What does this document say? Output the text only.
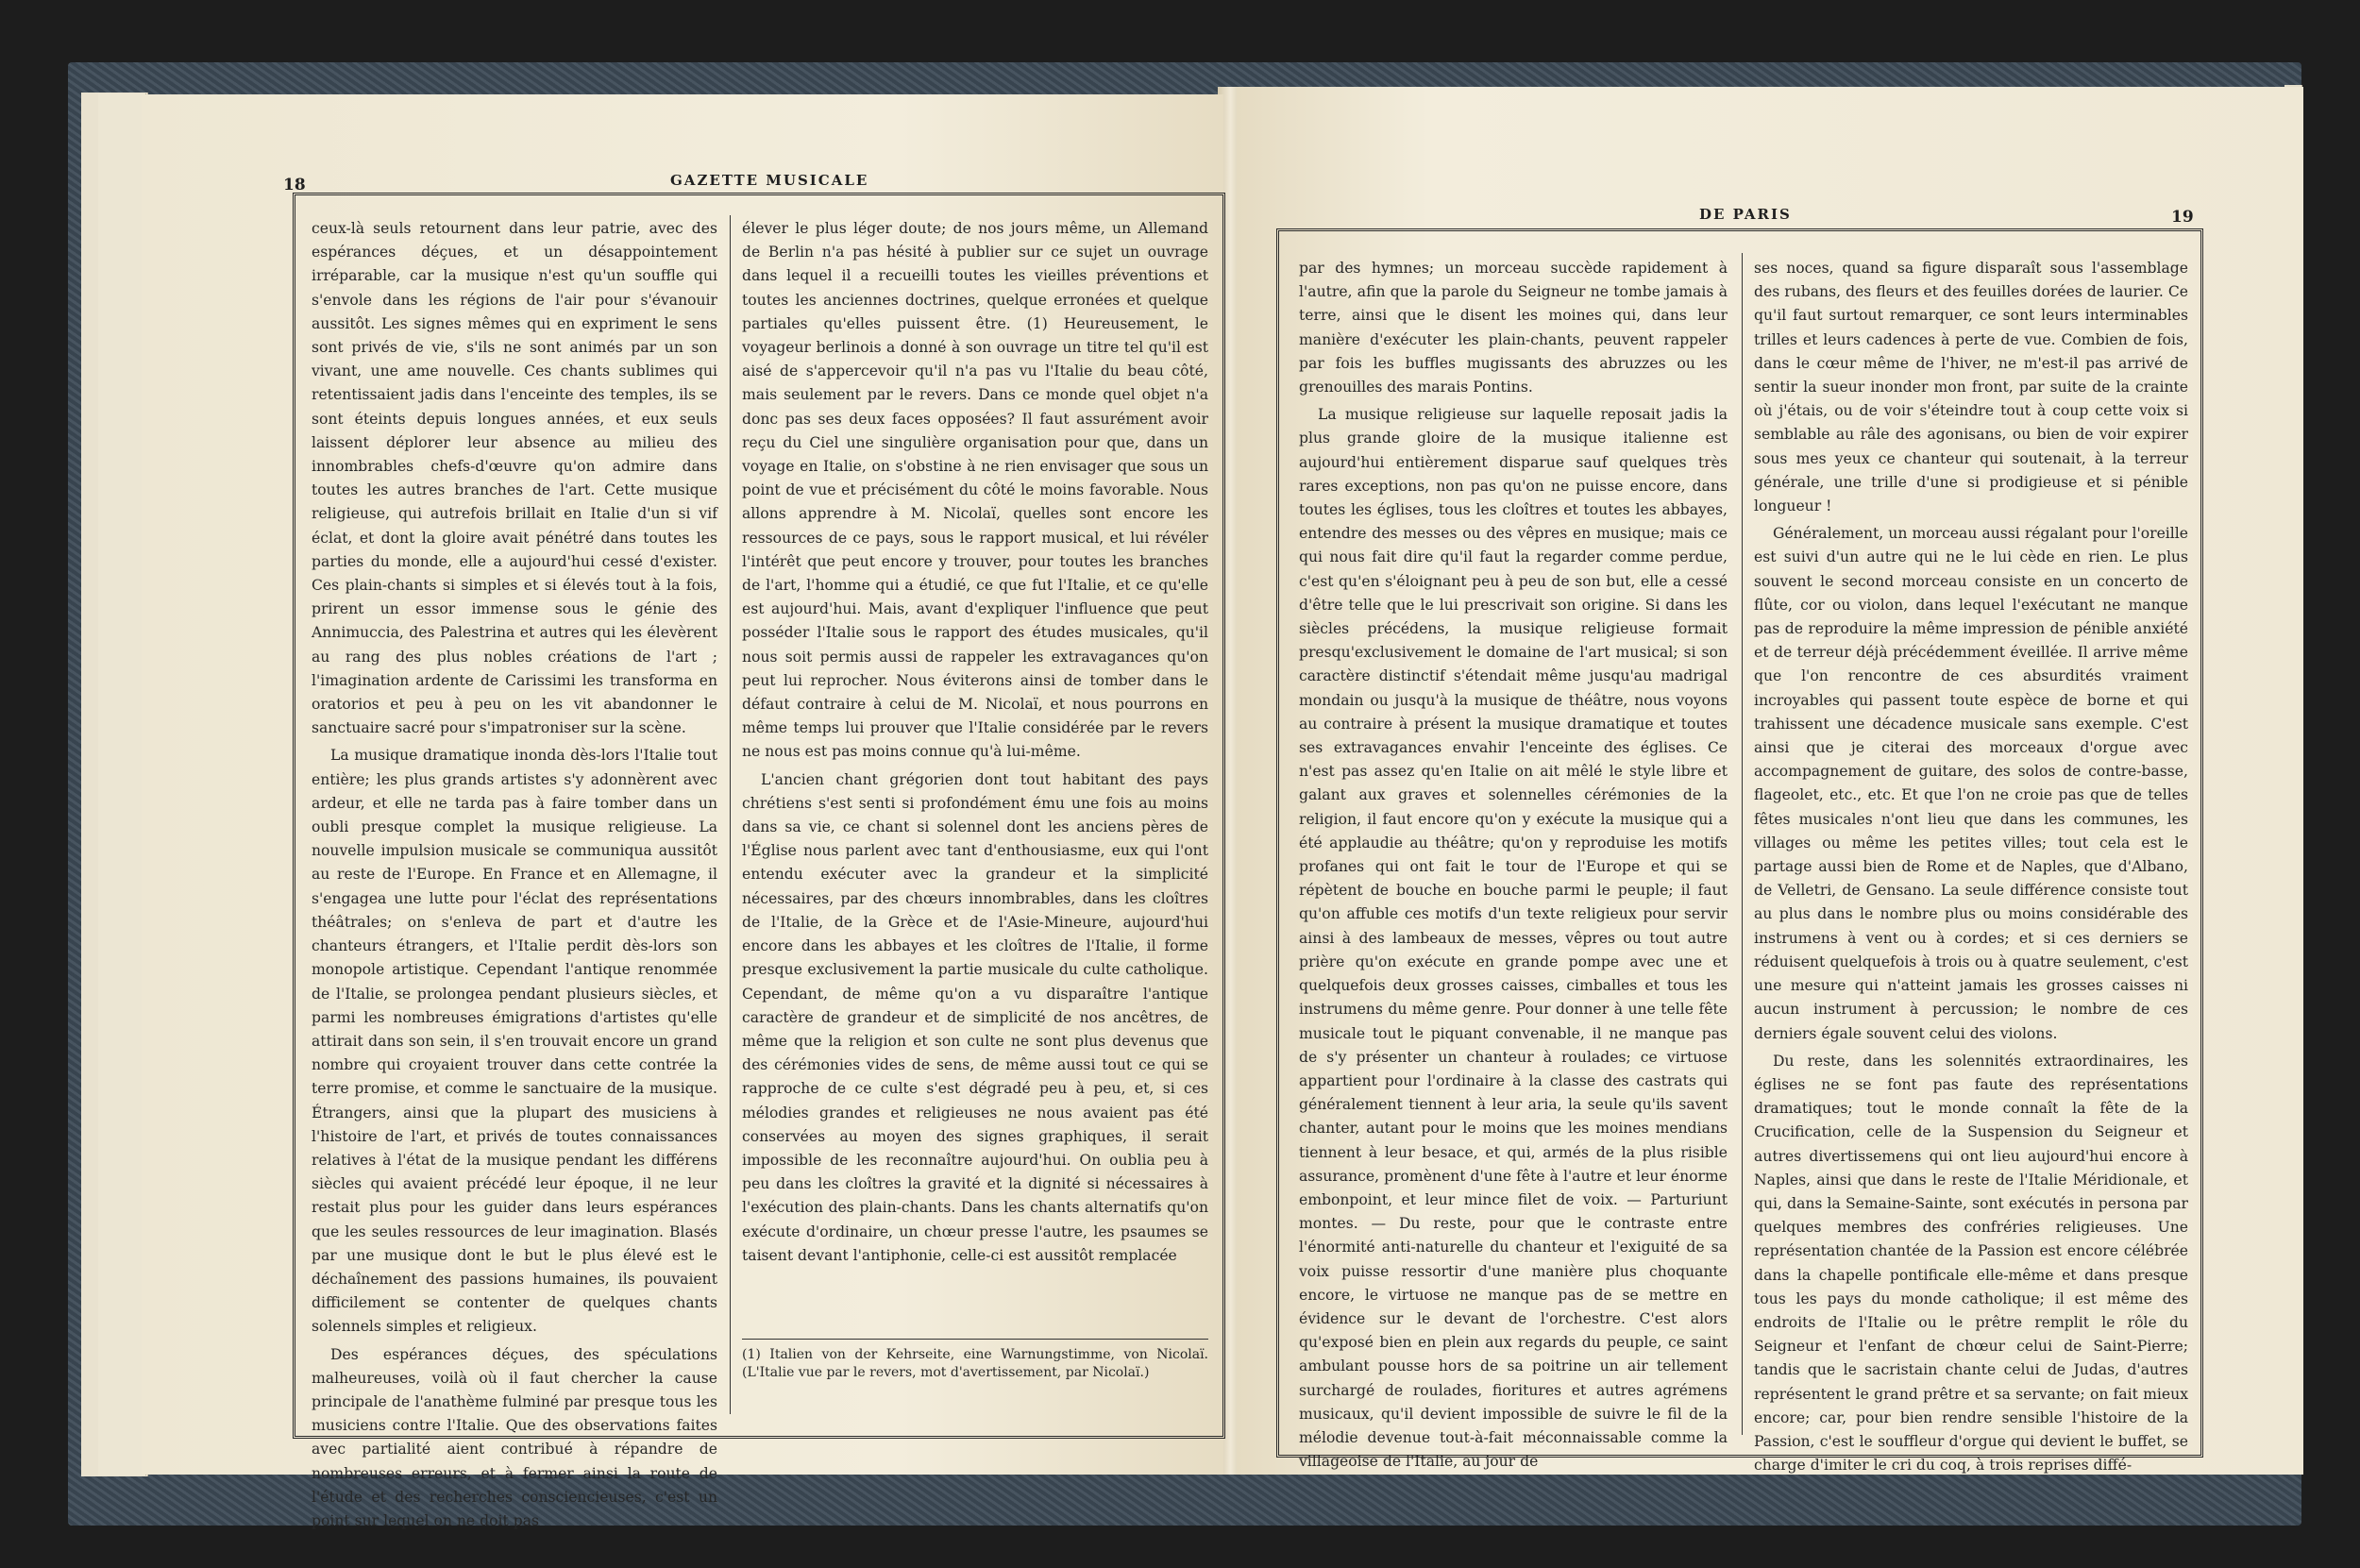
18	GAZETTE MUSICALE

ceux-là seuls retournent dans leur patrie, avec des espérances déçues, et un désappointement irréparable, car la musique n'est qu'un souffle qui s'envole dans les régions de l'air pour s'évanouir aussitôt. Les signes mêmes qui en expriment le sens sont privés de vie, s'ils ne sont animés par un son vivant, une ame nouvelle. Ces chants sublimes qui retentissaient jadis dans l'enceinte des temples, ils se sont éteints depuis longues années, et eux seuls laissent déplorer leur absence au milieu des innombrables chefs-d'œuvre qu'on admire dans toutes les autres branches de l'art. Cette musique religieuse, qui autrefois brillait en Italie d'un si vif éclat, et dont la gloire avait pénétré dans toutes les parties du monde, elle a aujourd'hui cessé d'exister. Ces plain-chants si simples et si élevés tout à la fois, prirent un essor immense sous le génie des Annimuccia, des Palestrina et autres qui les élevèrent au rang des plus nobles créations de l'art ; l'imagination ardente de Carissimi les transforma en oratorios et peu à peu on les vit abandonner le sanctuaire sacré pour s'impatroniser sur la scène.

La musique dramatique inonda dès-lors l'Italie tout entière; les plus grands artistes s'y adonnèrent avec ardeur, et elle ne tarda pas à faire tomber dans un oubli presque complet la musique religieuse. La nouvelle impulsion musicale se communiqua aussitôt au reste de l'Europe. En France et en Allemagne, il s'engagea une lutte pour l'éclat des représentations théâtrales; on s'enleva de part et d'autre les chanteurs étrangers, et l'Italie perdit dès-lors son monopole artistique. Cependant l'antique renommée de l'Italie, se prolongea pendant plusieurs siècles, et parmi les nombreuses émigrations d'artistes qu'elle attirait dans son sein, il s'en trouvait encore un grand nombre qui croyaient trouver dans cette contrée la terre promise, et comme le sanctuaire de la musique. Étrangers, ainsi que la plupart des musiciens à l'histoire de l'art, et privés de toutes connaissances relatives à l'état de la musique pendant les différens siècles qui avaient précédé leur époque, il ne leur restait plus pour les guider dans leurs espérances que les seules ressources de leur imagination. Blasés par une musique dont le but le plus élevé est le déchaînement des passions humaines, ils pouvaient difficilement se contenter de quelques chants solennels simples et religieux.

Des espérances déçues, des spéculations malheureuses, voilà où il faut chercher la cause principale de l'anathème fulminé par presque tous les musiciens contre l'Italie. Que des observations faites avec partialité aient contribué à répandre de nombreuses erreurs, et à fermer ainsi la route de l'étude et des recherches consciencieuses, c'est un point sur lequel on ne doit pas

élever le plus léger doute; de nos jours même, un Allemand de Berlin n'a pas hésité à publier sur ce sujet un ouvrage dans lequel il a recueilli toutes les vieilles préventions et toutes les anciennes doctrines, quelque erronées et quelque partiales qu'elles puissent être. (1) Heureusement, le voyageur berlinois a donné à son ouvrage un titre tel qu'il est aisé de s'appercevoir qu'il n'a pas vu l'Italie du beau côté, mais seulement par le revers. Dans ce monde quel objet n'a donc pas ses deux faces opposées? Il faut assurément avoir reçu du Ciel une singulière organisation pour que, dans un voyage en Italie, on s'obstine à ne rien envisager que sous un point de vue et précisément du côté le moins favorable. Nous allons apprendre à M. Nicolaï, quelles sont encore les ressources de ce pays, sous le rapport musical, et lui révéler l'intérêt que peut encore y trouver, pour toutes les branches de l'art, l'homme qui a étudié, ce que fut l'Italie, et ce qu'elle est aujourd'hui. Mais, avant d'expliquer l'influence que peut posséder l'Italie sous le rapport des études musicales, qu'il nous soit permis aussi de rappeler les extravagances qu'on peut lui reprocher. Nous éviterons ainsi de tomber dans le défaut contraire à celui de M. Nicolaï, et nous pourrons en même temps lui prouver que l'Italie considérée par le revers ne nous est pas moins connue qu'à lui-même.

L'ancien chant grégorien dont tout habitant des pays chrétiens s'est senti si profondément ému une fois au moins dans sa vie, ce chant si solennel dont les anciens pères de l'Église nous parlent avec tant d'enthousiasme, eux qui l'ont entendu exécuter avec la grandeur et la simplicité nécessaires, par des chœurs innombrables, dans les cloîtres de l'Italie, de la Grèce et de l'Asie-Mineure, aujourd'hui encore dans les abbayes et les cloîtres de l'Italie, il forme presque exclusivement la partie musicale du culte catholique. Cependant, de même qu'on a vu disparaître l'antique caractère de grandeur et de simplicité de nos ancêtres, de même que la religion et son culte ne sont plus devenus que des cérémonies vides de sens, de même aussi tout ce qui se rapproche de ce culte s'est dégradé peu à peu, et, si ces mélodies grandes et religieuses ne nous avaient pas été conservées au moyen des signes graphiques, il serait impossible de les reconnaître aujourd'hui. On oublia peu à peu dans les cloîtres la gravité et la dignité si nécessaires à l'exécution des plain-chants. Dans les chants alternatifs qu'on exécute d'ordinaire, un chœur presse l'autre, les psaumes se taisent devant l'antiphonie, celle-ci est aussitôt remplacée

(1) Italien von der Kehrseite, eine Warnungstimme, von Nicolaï. (L'Italie vue par le revers, mot d'avertissement, par Nicolaï.)
DE PARIS	19

par des hymnes; un morceau succède rapidement à l'autre, afin que la parole du Seigneur ne tombe jamais à terre, ainsi que le disent les moines qui, dans leur manière d'exécuter les plain-chants, peuvent rappeler par fois les buffles mugissants des abruzzes ou les grenouilles des marais Pontins.

La musique religieuse sur laquelle reposait jadis la plus grande gloire de la musique italienne est aujourd'hui entièrement disparue sauf quelques très rares exceptions, non pas qu'on ne puisse encore, dans toutes les églises, tous les cloîtres et toutes les abbayes, entendre des messes ou des vêpres en musique; mais ce qui nous fait dire qu'il faut la regarder comme perdue, c'est qu'en s'éloignant peu à peu de son but, elle a cessé d'être telle que le lui prescrivait son origine. Si dans les siècles précédens, la musique religieuse formait presqu'exclusivement le domaine de l'art musical; si son caractère distinctif s'étendait même jusqu'au madrigal mondain ou jusqu'à la musique de théâtre, nous voyons au contraire à présent la musique dramatique et toutes ses extravagances envahir l'enceinte des églises. Ce n'est pas assez qu'en Italie on ait mêlé le style libre et galant aux graves et solennelles cérémonies de la religion, il faut encore qu'on y exécute la musique qui a été applaudie au théâtre; qu'on y reproduise les motifs profanes qui ont fait le tour de l'Europe et qui se répètent de bouche en bouche parmi le peuple; il faut qu'on affuble ces motifs d'un texte religieux pour servir ainsi à des lambeaux de messes, vêpres ou tout autre prière qu'on exécute en grande pompe avec une et quelquefois deux grosses caisses, cimballes et tous les instrumens du même genre. Pour donner à une telle fête musicale tout le piquant convenable, il ne manque pas de s'y présenter un chanteur à roulades; ce virtuose appartient pour l'ordinaire à la classe des castrats qui généralement tiennent à leur aria, la seule qu'ils savent chanter, autant pour le moins que les moines mendians tiennent à leur besace, et qui, armés de la plus risible assurance, promènent d'une fête à l'autre et leur énorme embonpoint, et leur mince filet de voix. — Parturiunt montes. — Du reste, pour que le contraste entre l'énormité anti-naturelle du chanteur et l'exiguité de sa voix puisse ressortir d'une manière plus choquante encore, le virtuose ne manque pas de se mettre en évidence sur le devant de l'orchestre. C'est alors qu'exposé bien en plein aux regards du peuple, ce saint ambulant pousse hors de sa poitrine un air tellement surchargé de roulades, fioritures et autres agrémens musicaux, qu'il devient impossible de suivre le fil de la mélodie devenue tout-à-fait méconnaissable comme la villageoise de l'Italie, au jour de

ses noces, quand sa figure disparaît sous l'assemblage des rubans, des fleurs et des feuilles dorées de laurier. Ce qu'il faut surtout remarquer, ce sont leurs interminables trilles et leurs cadences à perte de vue. Combien de fois, dans le cœur même de l'hiver, ne m'est-il pas arrivé de sentir la sueur inonder mon front, par suite de la crainte où j'étais, ou de voir s'éteindre tout à coup cette voix si semblable au râle des agonisans, ou bien de voir expirer sous mes yeux ce chanteur qui soutenait, à la terreur générale, une trille d'une si prodigieuse et si pénible longueur !

Généralement, un morceau aussi régalant pour l'oreille est suivi d'un autre qui ne le lui cède en rien. Le plus souvent le second morceau consiste en un concerto de flûte, cor ou violon, dans lequel l'exécutant ne manque pas de reproduire la même impression de pénible anxiété et de terreur déjà précédemment éveillée. Il arrive même que l'on rencontre de ces absurdités vraiment incroyables qui passent toute espèce de borne et qui trahissent une décadence musicale sans exemple. C'est ainsi que je citerai des morceaux d'orgue avec accompagnement de guitare, des solos de contre-basse, flageolet, etc., etc. Et que l'on ne croie pas que de telles fêtes musicales n'ont lieu que dans les communes, les villages ou même les petites villes; tout cela est le partage aussi bien de Rome et de Naples, que d'Albano, de Velletri, de Gensano. La seule différence consiste tout au plus dans le nombre plus ou moins considérable des instrumens à vent ou à cordes; et si ces derniers se réduisent quelquefois à trois ou à quatre seulement, c'est une mesure qui n'atteint jamais les grosses caisses ni aucun instrument à percussion; le nombre de ces derniers égale souvent celui des violons.

Du reste, dans les solennités extraordinaires, les églises ne se font pas faute des représentations dramatiques; tout le monde connaît la fête de la Crucification, celle de la Suspension du Seigneur et autres divertissemens qui ont lieu aujourd'hui encore à Naples, ainsi que dans le reste de l'Italie Méridionale, et qui, dans la Semaine-Sainte, sont exécutés in persona par quelques membres des confréries religieuses. Une représentation chantée de la Passion est encore célébrée dans la chapelle pontificale elle-même et dans presque tous les pays du monde catholique; il est même des endroits de l'Italie ou le prêtre remplit le rôle du Seigneur et l'enfant de chœur celui de Saint-Pierre; tandis que le sacristain chante celui de Judas, d'autres représentent le grand prêtre et sa servante; on fait mieux encore; car, pour bien rendre sensible l'histoire de la Passion, c'est le souffleur d'orgue qui devient le buffet, se charge d'imiter le cri du coq, à trois reprises diffé-
